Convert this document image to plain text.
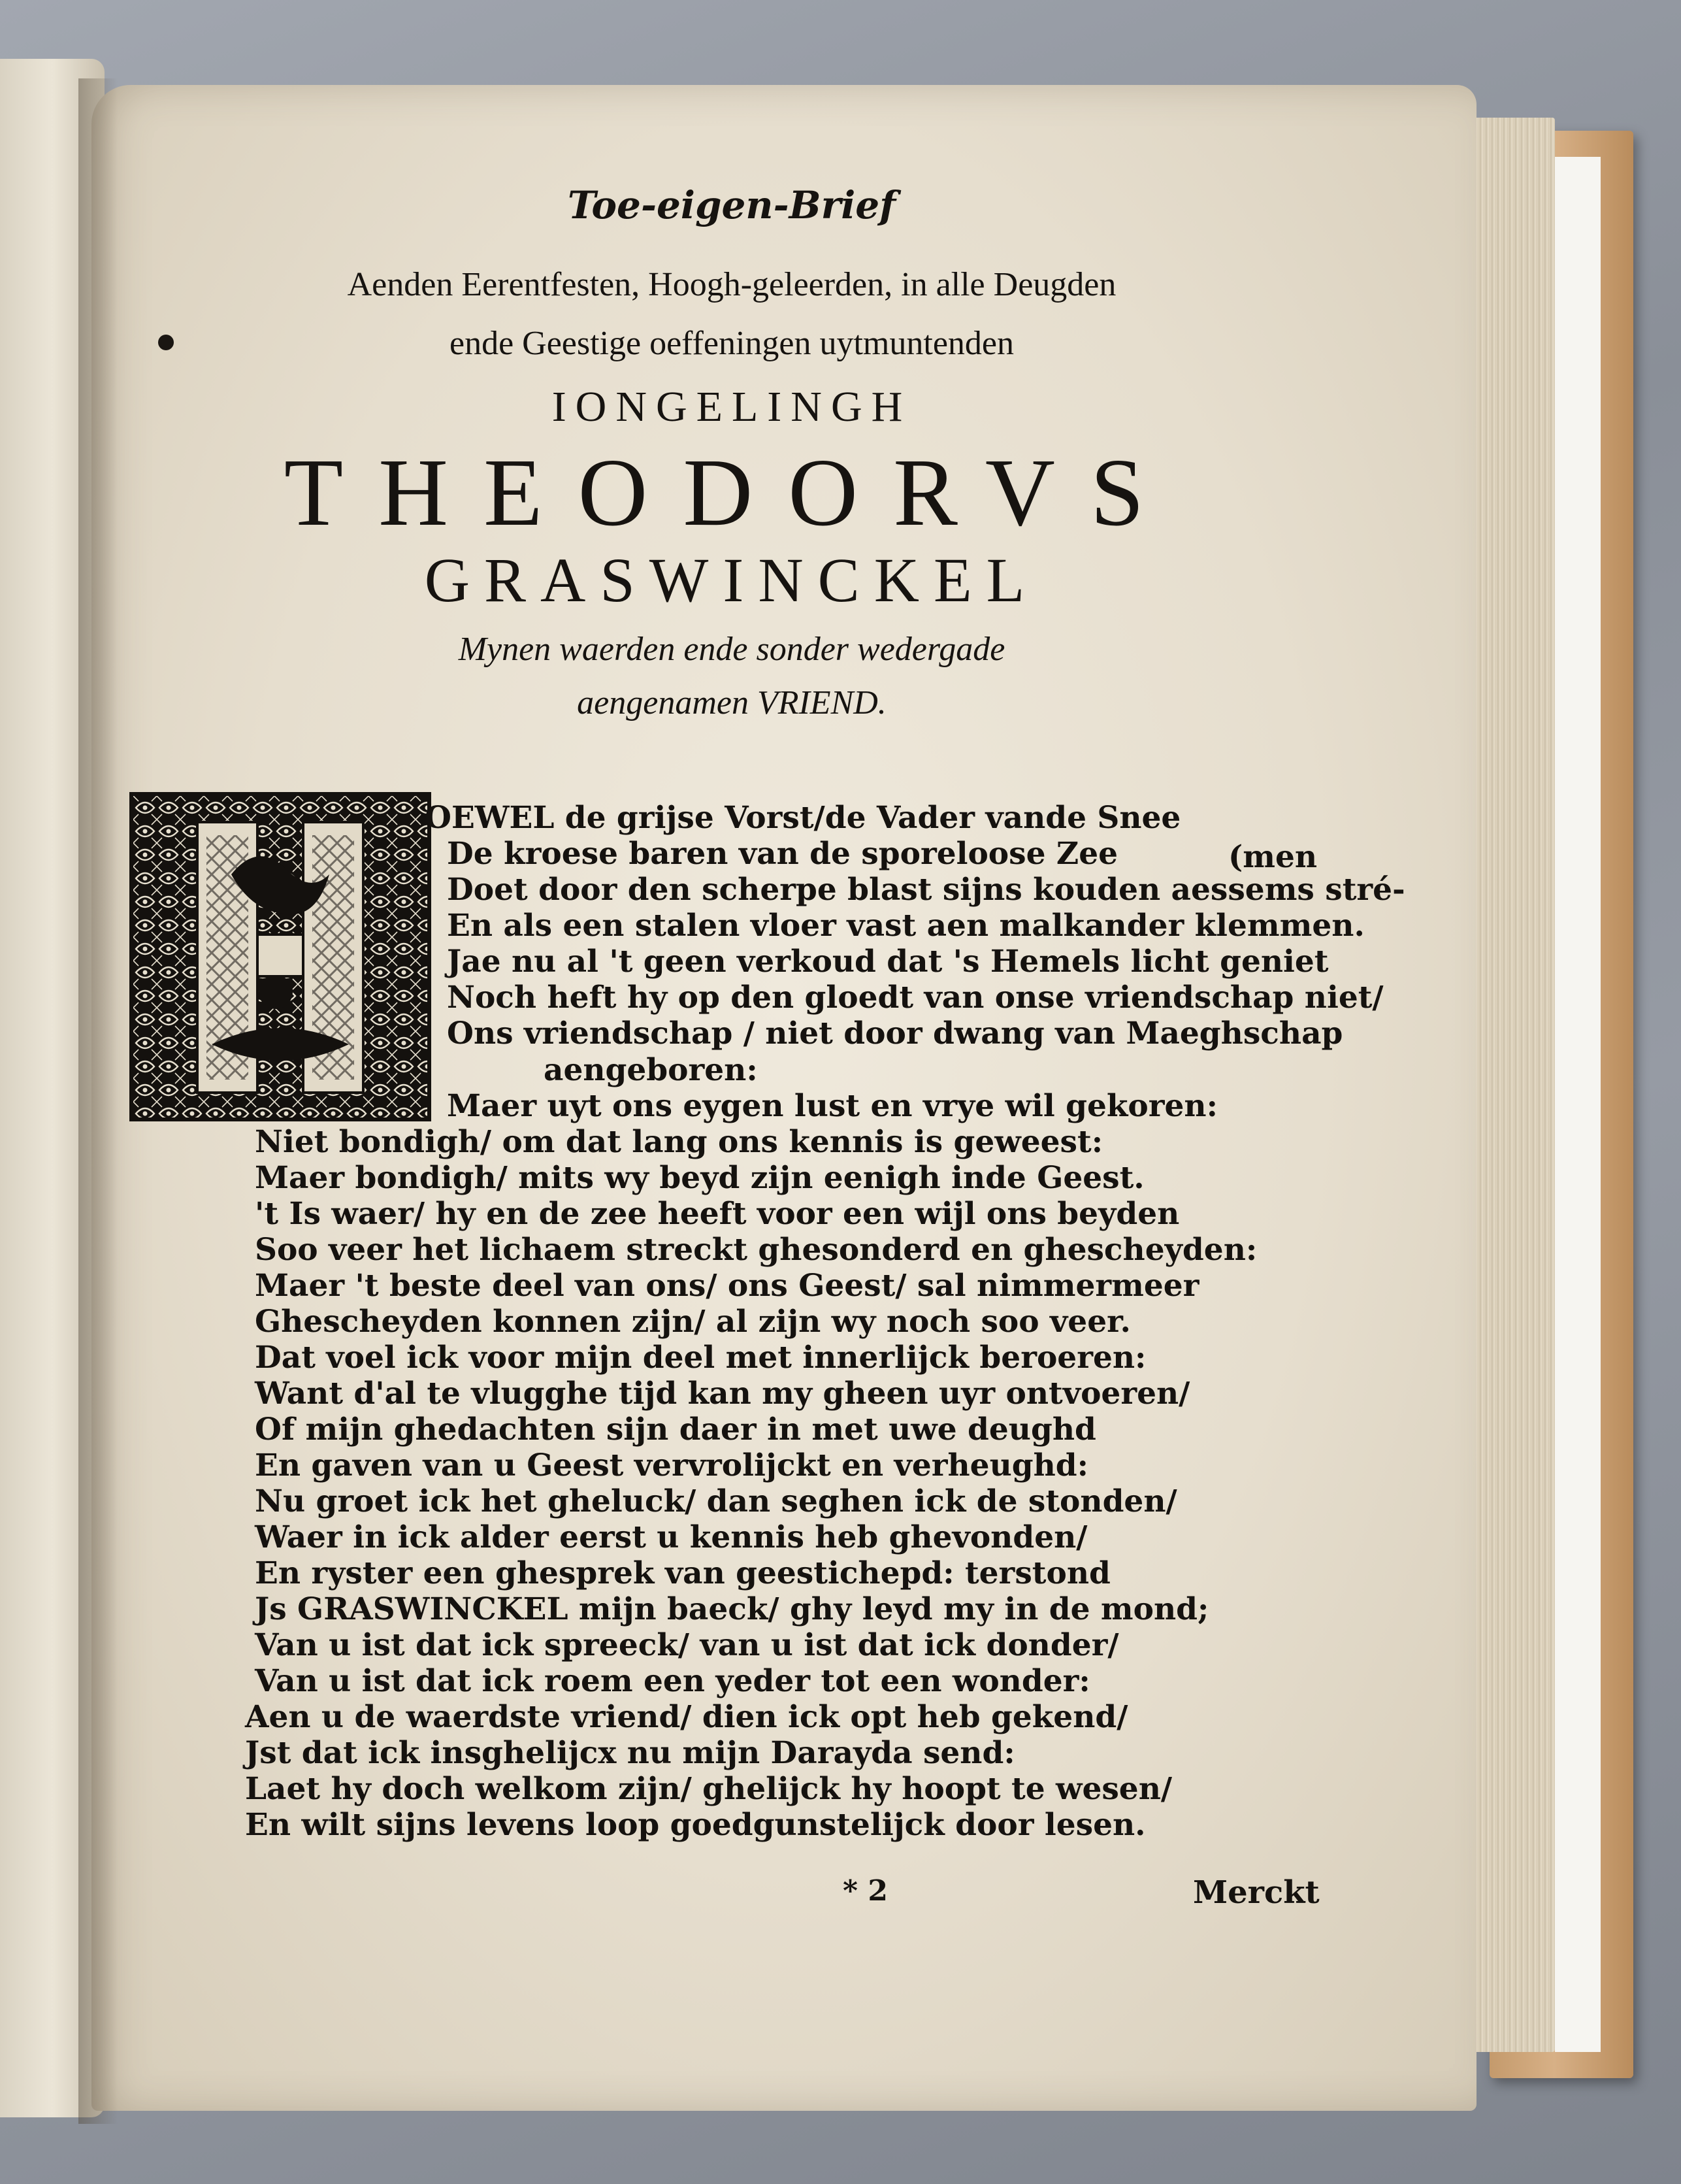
Toe-eigen-Brief
Aenden Eerentfesten, Hoogh-geleerden, in alle Deugden
ende Geestige oeffeningen uytmuntenden
IONGELINGH
THEODORVS
GRASWINCKEL
Mynen waerden ende sonder wedergade
aengenamen VRIEND.
OEWEL de grijse Vorst/de Vader vande Snee
De kroese baren van de sporeloose Zee	(men
Doet door den scherpe blast sijns kouden aessems stré-
En als een stalen vloer vast aen malkander klemmen.
Jae nu al 't geen verkoud dat 's Hemels licht geniet
Noch heft hy op den gloedt van onse vriendschap niet/
Ons vriendschap / niet door dwang van Maeghschap
aengeboren:
Maer uyt ons eygen lust en vrye wil gekoren:
Niet bondigh/ om dat lang ons kennis is geweest:
Maer bondigh/ mits wy beyd zijn eenigh inde Geest.
't Is waer/ hy en de zee heeft voor een wijl ons beyden
Soo veer het lichaem streckt ghesonderd en ghescheyden:
Maer 't beste deel van ons/ ons Geest/ sal nimmermeer
Ghescheyden konnen zijn/ al zijn wy noch soo veer.
Dat voel ick voor mijn deel met innerlijck beroeren:
Want d'al te vlugghe tijd kan my gheen uyr ontvoeren/
Of mijn ghedachten sijn daer in met uwe deughd
En gaven van u Geest vervrolijckt en verheughd:
Nu groet ick het gheluck/ dan seghen ick de stonden/
Waer in ick alder eerst u kennis heb ghevonden/
En ryster een ghesprek van geestichepd: terstond
Js GRASWINCKEL mijn baeck/ ghy leyd my in de mond;
Van u ist dat ick spreeck/ van u ist dat ick donder/
Van u ist dat ick roem een yeder tot een wonder:
Aen u de waerdste vriend/ dien ick opt heb gekend/
Jst dat ick insghelijcx nu mijn Darayda send:
Laet hy doch welkom zijn/ ghelijck hy hoopt te wesen/
En wilt sijns levens loop goedgunstelijck door lesen.
* 2	Merckt
